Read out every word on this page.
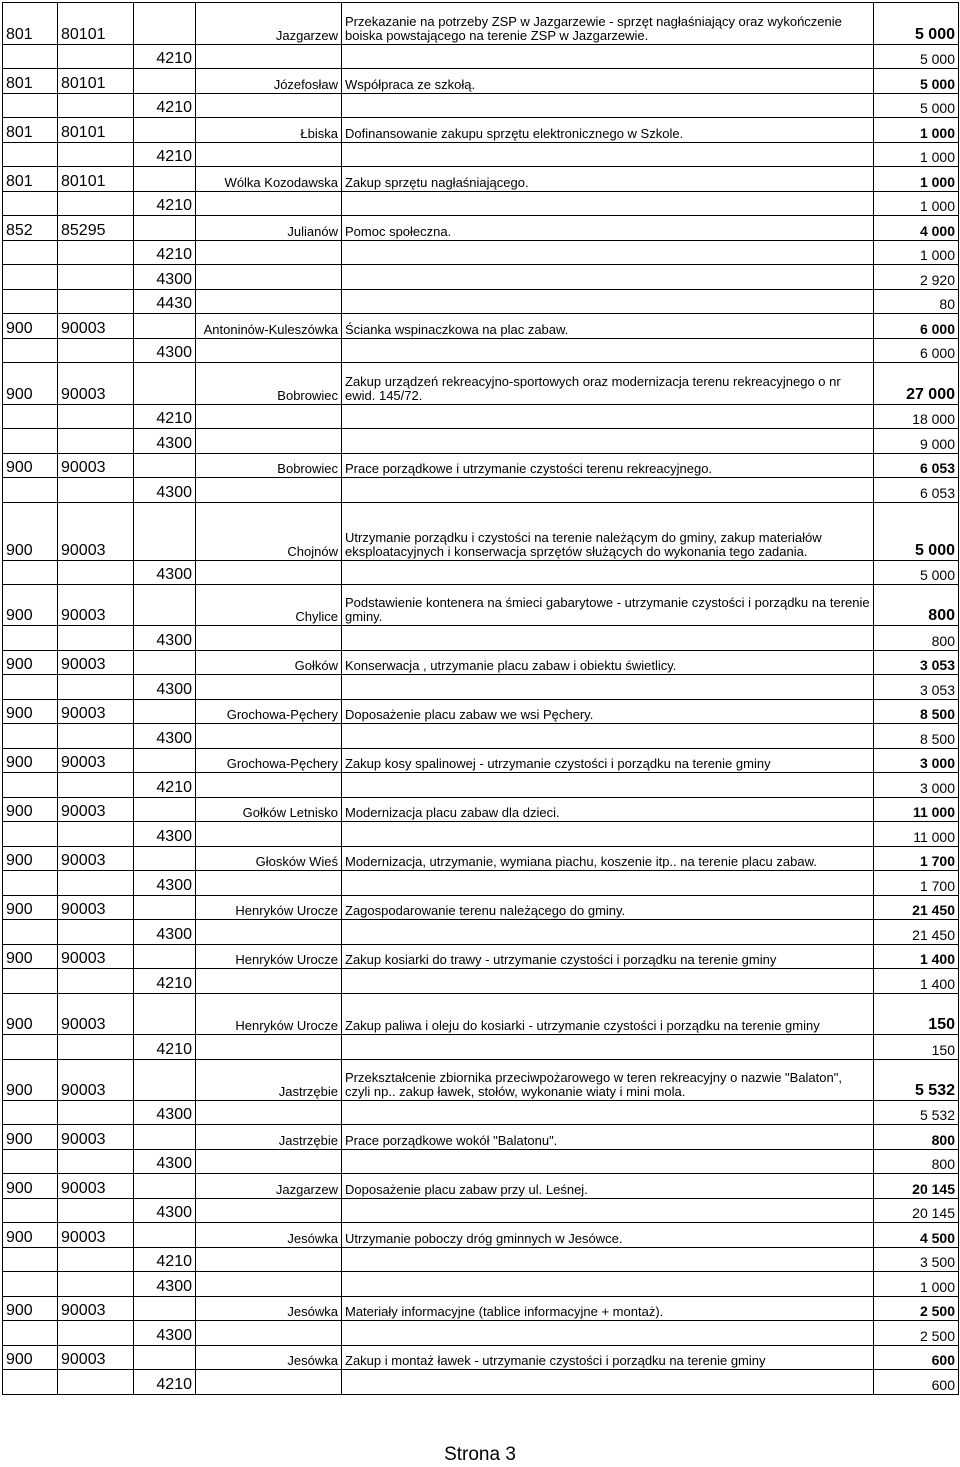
801	80101		Jazgarzew	Przekazanie na potrzeby ZSP w Jazgarzewie - sprzęt nagłaśniający oraz wykończenie boiska powstającego na terenie ZSP w Jazgarzewie.	5 000
		4210			5 000
801	80101		Józefosław	Współpraca ze szkołą.	5 000
		4210			5 000
801	80101		Łbiska	Dofinansowanie zakupu sprzętu elektronicznego w Szkole.	1 000
		4210			1 000
801	80101		Wólka Kozodawska	Zakup sprzętu nagłaśniającego.	1 000
		4210			1 000
852	85295		Julianów	Pomoc społeczna.	4 000
		4210			1 000
		4300			2 920
		4430			80
900	90003		Antoninów-Kuleszówka	Ścianka wspinaczkowa na plac zabaw.	6 000
		4300			6 000
900	90003		Bobrowiec	Zakup urządzeń rekreacyjno-sportowych oraz modernizacja terenu rekreacyjnego o nr ewid. 145/72.	27 000
		4210			18 000
		4300			9 000
900	90003		Bobrowiec	Prace porządkowe i utrzymanie czystości terenu rekreacyjnego.	6 053
		4300			6 053
900	90003		Chojnów	Utrzymanie porządku i czystości na terenie należącym do gminy, zakup materiałów eksploatacyjnych i konserwacja sprzętów służących do wykonania tego zadania.	5 000
		4300			5 000
900	90003		Chylice	Podstawienie kontenera na śmieci gabarytowe - utrzymanie czystości i porządku na terenie gminy.	800
		4300			800
900	90003		Gołków	Konserwacja , utrzymanie placu zabaw i obiektu świetlicy.	3 053
		4300			3 053
900	90003		Grochowa-Pęchery	Doposażenie placu zabaw we wsi Pęchery.	8 500
		4300			8 500
900	90003		Grochowa-Pęchery	Zakup kosy spalinowej - utrzymanie czystości i porządku na terenie gminy	3 000
		4210			3 000
900	90003		Gołków Letnisko	Modernizacja placu zabaw dla dzieci.	11 000
		4300			11 000
900	90003		Głosków Wieś	Modernizacja, utrzymanie, wymiana piachu, koszenie itp.. na terenie placu zabaw.	1 700
		4300			1 700
900	90003		Henryków Urocze	Zagospodarowanie terenu należącego do gminy.	21 450
		4300			21 450
900	90003		Henryków Urocze	Zakup kosiarki do trawy - utrzymanie czystości i porządku na terenie gminy	1 400
		4210			1 400
900	90003		Henryków Urocze	Zakup paliwa i oleju do kosiarki - utrzymanie czystości i porządku na terenie gminy	150
		4210			150
900	90003		Jastrzębie	Przekształcenie zbiornika przeciwpożarowego w teren rekreacyjny o nazwie "Balaton", czyli np.. zakup ławek, stołów, wykonanie wiaty i mini mola.	5 532
		4300			5 532
900	90003		Jastrzębie	Prace porządkowe wokół "Balatonu".	800
		4300			800
900	90003		Jazgarzew	Doposażenie placu zabaw przy ul. Leśnej.	20 145
		4300			20 145
900	90003		Jesówka	Utrzymanie poboczy dróg gminnych w Jesówce.	4 500
		4210			3 500
		4300			1 000
900	90003		Jesówka	Materiały informacyjne (tablice informacyjne + montaż).	2 500
		4300			2 500
900	90003		Jesówka	Zakup i montaż ławek - utrzymanie czystości i porządku na terenie gminy	600
		4210			600
Strona 3
